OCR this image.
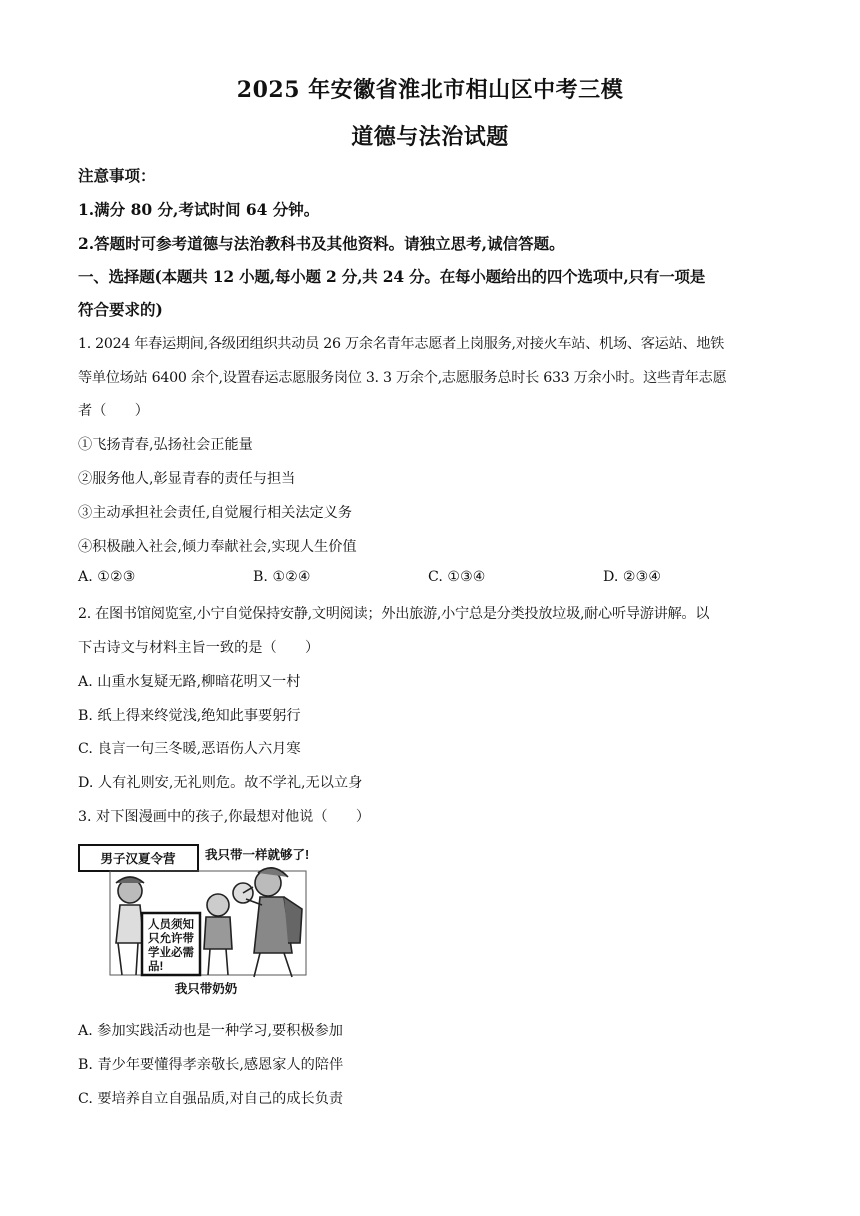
2025 年安徽省淮北市相山区中考三模
道德与法治试题
注意事项：
1.满分 80 分,考试时间 64 分钟。
2.答题时可参考道德与法治教科书及其他资料。请独立思考,诚信答题。
一、选择题(本题共 12 小题,每小题 2 分,共 24 分。在每小题给出的四个选项中,只有一项是
符合要求的)
1. 2024 年春运期间,各级团组织共动员 26 万余名青年志愿者上岗服务,对接火车站、机场、客运站、地铁
等单位场站 6400 余个,设置春运志愿服务岗位 3. 3 万余个,志愿服务总时长 633 万余小时。这些青年志愿
者（　　）
①飞扬青春,弘扬社会正能量
②服务他人,彰显青春的责任与担当
③主动承担社会责任,自觉履行相关法定义务
④积极融入社会,倾力奉献社会,实现人生价值
A. ①②③	B. ①②④	C. ①③④	D. ②③④
2. 在图书馆阅览室,小宁自觉保持安静,文明阅读；外出旅游,小宁总是分类投放垃圾,耐心听导游讲解。以
下古诗文与材料主旨一致的是（　　）
A. 山重水复疑无路,柳暗花明又一村
B. 纸上得来终觉浅,绝知此事要躬行
C. 良言一句三冬暖,恶语伤人六月寒
D. 人有礼则安,无礼则危。故不学礼,无以立身
3. 对下图漫画中的孩子,你最想对他说（　　）
男子汉夏令营 我只带一样就够了!
人员须知
只允许带
学业必需
品!
我只带奶奶
A. 参加实践活动也是一种学习,要积极参加
B. 青少年要懂得孝亲敬长,感恩家人的陪伴
C. 要培养自立自强品质,对自己的成长负责
